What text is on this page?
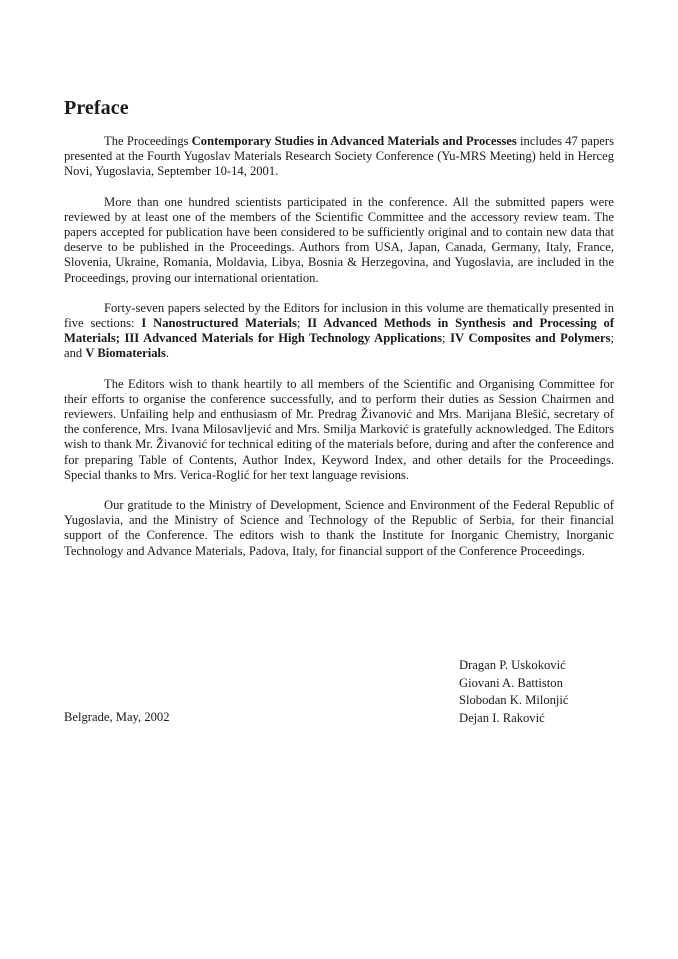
Preface

The Proceedings Contemporary Studies in Advanced Materials and Processes includes 47 papers presented at the Fourth Yugoslav Materials Research Society Conference (Yu-MRS Meeting) held in Herceg Novi, Yugoslavia, September 10-14, 2001.

More than one hundred scientists participated in the conference. All the submitted papers were reviewed by at least one of the members of the Scientific Committee and the accessory review team. The papers accepted for publication have been considered to be sufficiently original and to contain new data that deserve to be published in the Proceedings. Authors from USA, Japan, Canada, Germany, Italy, France, Slovenia, Ukraine, Romania, Moldavia, Libya, Bosnia & Herzegovina, and Yugoslavia, are included in the Proceedings, proving our international orientation.

Forty-seven papers selected by the Editors for inclusion in this volume are thematically presented in five sections: I Nanostructured Materials; II Advanced Methods in Synthesis and Processing of Materials; III Advanced Materials for High Technology Applications; IV Composites and Polymers; and V Biomaterials.

The Editors wish to thank heartily to all members of the Scientific and Organising Committee for their efforts to organise the conference successfully, and to perform their duties as Session Chairmen and reviewers. Unfailing help and enthusiasm of Mr. Predrag Živanović and Mrs. Marijana Blešić, secretary of the conference, Mrs. Ivana Milosavljević and Mrs. Smilja Marković is gratefully acknowledged. The Editors wish to thank Mr. Živanović for technical editing of the materials before, during and after the conference and for preparing Table of Contents, Author Index, Keyword Index, and other details for the Proceedings. Special thanks to Mrs. Verica-Roglić for her text language revisions.

Our gratitude to the Ministry of Development, Science and Environment of the Federal Republic of Yugoslavia, and the Ministry of Science and Technology of the Republic of Serbia, for their financial support of the Conference. The editors wish to thank the Institute for Inorganic Chemistry, Inorganic Technology and Advance Materials, Padova, Italy, for financial support of the Conference Proceedings.

Belgrade, May, 2002
Dragan P. Uskoković
Giovani A. Battiston
Slobodan K. Milonjić
Dejan I. Raković
